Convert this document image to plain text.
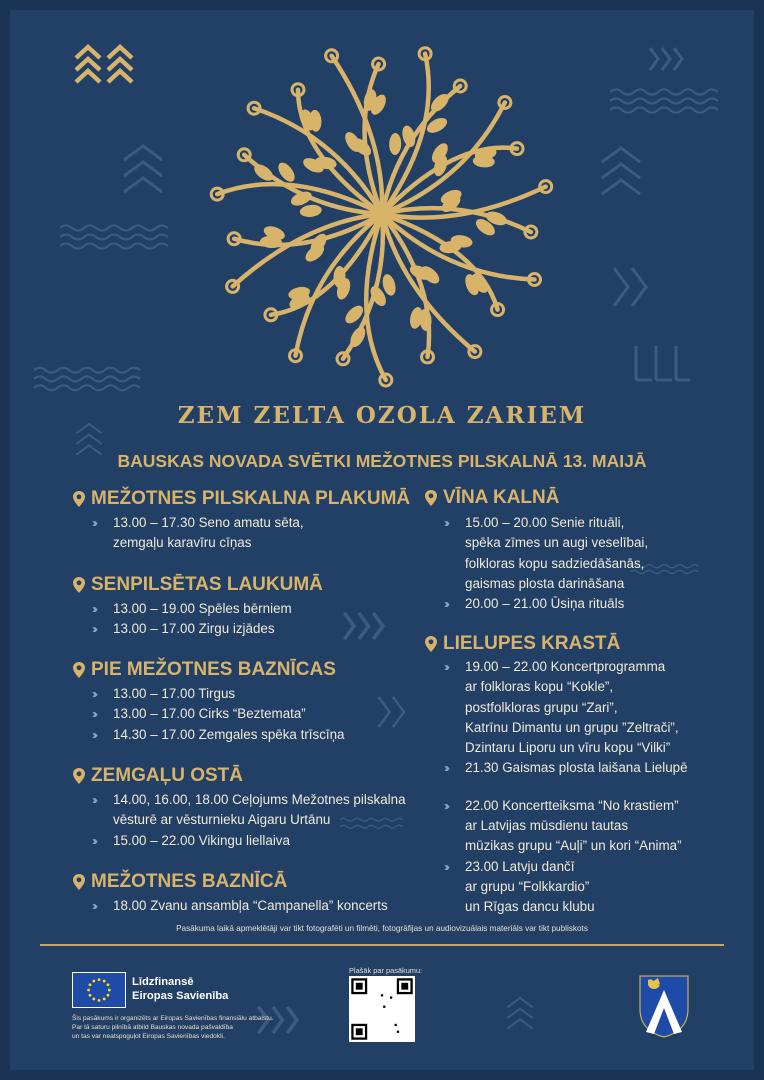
ZEM ZELTA OZOLA ZARIEM
BAUSKAS NOVADA SVĒTKI MEŽOTNES PILSKALNĀ 13. MAIJĀ
MEŽOTNES PILSKALNA PLAKUMĀ
››› 13.00 – 17.30 Seno amatu sēta,
zemgaļu karavīru cīņas
SENPILSĒTAS LAUKUMĀ
››› 13.00 – 19.00 Spēles bērniem
››› 13.00 – 17.00 Zirgu izjādes
PIE MEŽOTNES BAZNĪCAS
››› 13.00 – 17.00 Tirgus
››› 13.00 – 17.00 Cirks “Beztemata”
››› 14.30 – 17.00 Zemgales spēka trīscīņa
ZEMGAĻU OSTĀ
››› 14.00, 16.00, 18.00 Ceļojums Mežotnes pilskalna
vēsturē ar vēsturnieku Aigaru Urtānu
››› 15.00 – 22.00 Vikingu liellaiva
MEŽOTNES BAZNĪCĀ
››› 18.00 Zvanu ansambļa “Campanella” koncerts
VĪNA KALNĀ
››› 15.00 – 20.00 Senie rituāli,
spēka zīmes un augi veselībai,
folkloras kopu sadziedāšanās,
gaismas plosta darināšana
››› 20.00 – 21.00 Ūsiņa rituāls
LIELUPES KRASTĀ
››› 19.00 – 22.00 Koncertprogramma
ar folkloras kopu “Kokle”,
postfolkloras grupu “Zari”,
Katrīnu Dimantu un grupu ”Zeltrači”,
Dzintaru Liporu un vīru kopu “Vilki”
››› 21.30 Gaismas plosta laišana Lielupē
››› 22.00 Koncertteiksma “No krastiem”
ar Latvijas mūsdienu tautas
mūzikas grupu “Auļi” un kori “Anima”
››› 23.00 Latvju dančī
ar grupu “Folkkardio”
un Rīgas dancu klubu
Pasākuma laikā apmeklētāji var tikt fotografēti un filmēti, fotogrāfijas un audiovizuālais materiāls var tikt publiskots
Līdzfinansē
Eiropas Savienība
Šis pasākums ir organizēts ar Eiropas Savienības finansiālu atbalstu.
Par tā saturu pilnībā atbild Bauskas novada pašvaldība
un tas var neatspoguļot Eiropas Savienības viedokli.
Plašāk par pasākumu:
